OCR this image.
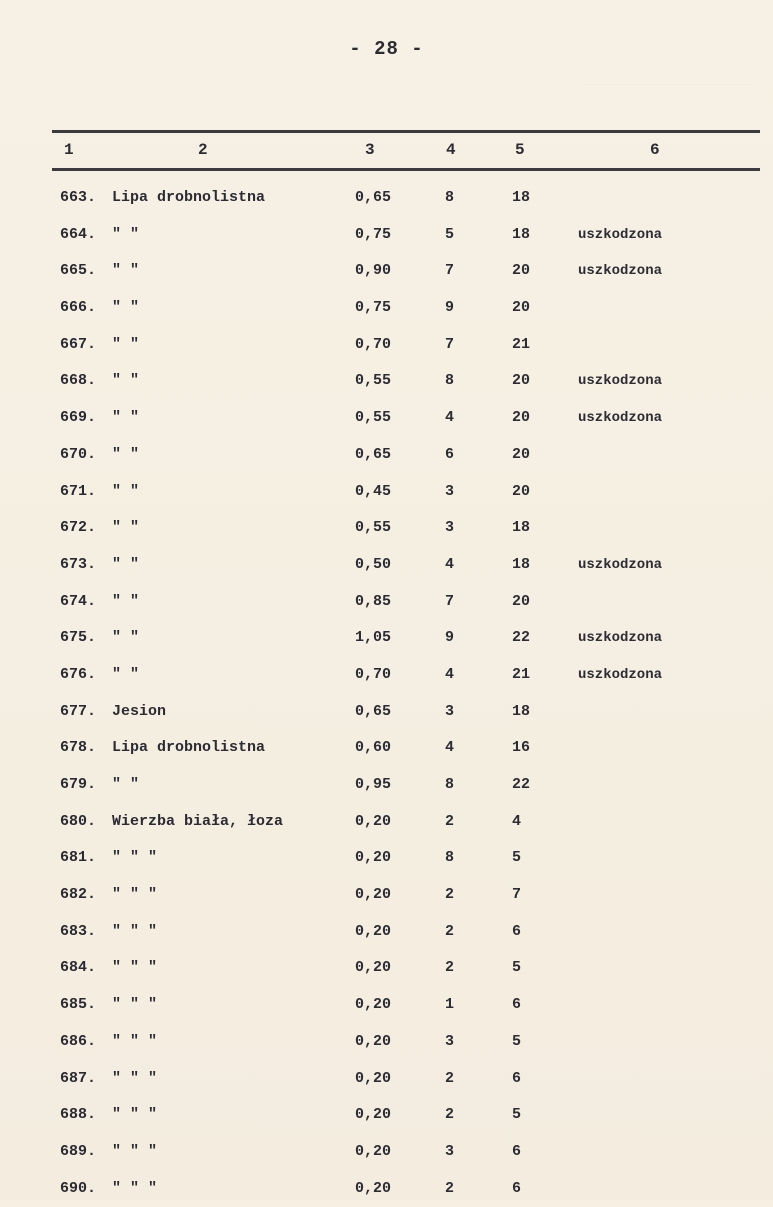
- 28 -
1	2	3	4	5	6
663.	Lipa drobnolistna	0,65	8	18
664.	" "	0,75	5	18	uszkodzona
665.	" "	0,90	7	20	uszkodzona
666.	" "	0,75	9	20
667.	" "	0,70	7	21
668.	" "	0,55	8	20	uszkodzona
669.	" "	0,55	4	20	uszkodzona
670.	" "	0,65	6	20
671.	" "	0,45	3	20
672.	" "	0,55	3	18
673.	" "	0,50	4	18	uszkodzona
674.	" "	0,85	7	20
675.	" "	1,05	9	22	uszkodzona
676.	" "	0,70	4	21	uszkodzona
677.	Jesion	0,65	3	18
678.	Lipa drobnolistna	0,60	4	16
679.	" "	0,95	8	22
680.	Wierzba biała, łoza	0,20	2	4
681.	" " "	0,20	8	5
682.	" " "	0,20	2	7
683.	" " "	0,20	2	6
684.	" " "	0,20	2	5
685.	" " "	0,20	1	6
686.	" " "	0,20	3	5
687.	" " "	0,20	2	6
688.	" " "	0,20	2	5
689.	" " "	0,20	3	6
690.	" " "	0,20	2	6
